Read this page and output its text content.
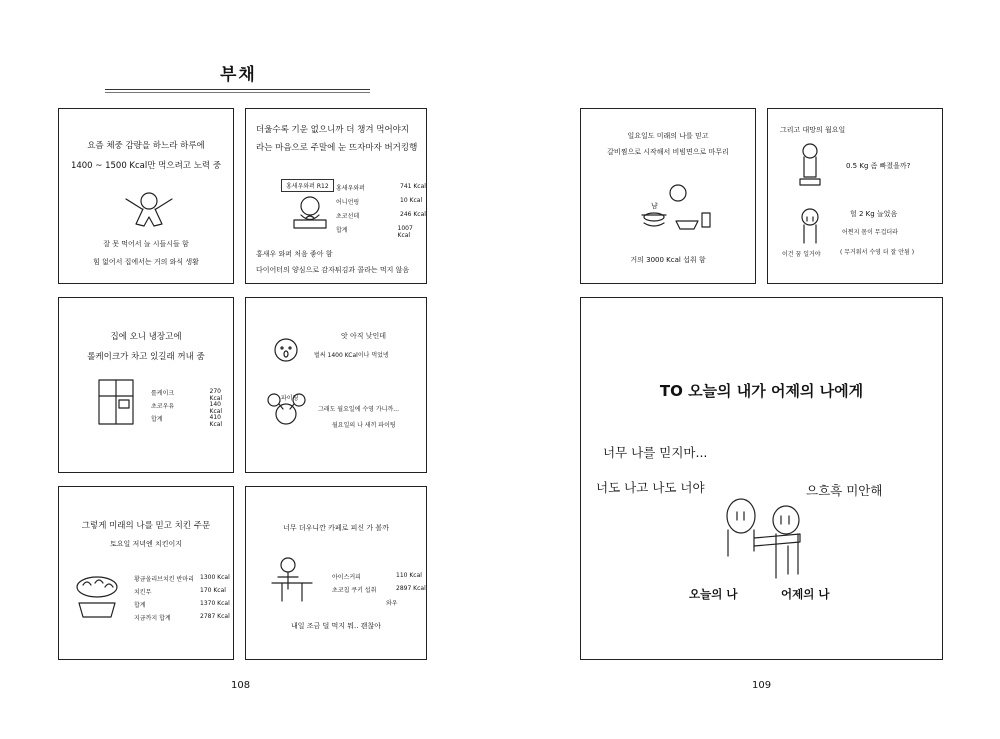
부채
요즘 체중 감량을 하느라 하루에
1400 ~ 1500 Kcal만 먹으려고 노력 중
잘 못 먹어서 늘 시들시들 함
힘 없어서 집에서는 거의 와식 생활
더울수록 기운 없으니까 더 챙겨 먹어야지
라는 마음으로 주말에 눈 뜨자마자 버거킹행
홍새우와퍼 R12	홍새우와퍼	741 Kcal
어니언링	10 Kcal
초코선데	246 Kcal
합계	1007 Kcal
홍새우 와퍼 처음 좋아 함
다이어터의 양심으로 감자튀김과 콜라는 먹지 않음
집에 오니 냉장고에
롤케이크가 차고 있길래 꺼내 줌
롤케이크	270 Kcal
초코우유	140 Kcal
합계	410 Kcal
앗 아직 낮인데
벌써 1400 KCal이나 먹었넹
파이팅
그래도 월요일에 수영 가니까...
월요일의 나 새끼 파이팅
그렇게 미래의 나를 믿고 치킨 주문
토요일 저녁엔 치킨이지
황금올리브치킨 반마리 1300 Kcal
치킨무	170 Kcal
합계	1370 Kcal
지금까지 합계	2787 Kcal
너무 더우니깐 카페로 피신 가 볼까
아이스커피	110 Kcal
초코칩 쿠키 섭취	2897 Kcal
와우
내일 조금 덜 먹지 뭐.. 괜찮아
108
일요일도 미래의 나를 믿고
갈비찜으로 시작해서 비빔면으로 마무리
냠
거의 3000 Kcal 섭취 함
그리고 대망의 월요일
0.5 Kg 좀 빠졌을까?
헐 2 Kg 늘었음
어쩐지 몸이 무겁더라
이건 꿈 일거야	( 무거워서 수영 더 잘 안됨 )
TO 오늘의 내가 어제의 나에게
너무 나를 믿지마...
너도 나고 나도 너야	으흐흑 미안해
오늘의 나	어제의 나
109
